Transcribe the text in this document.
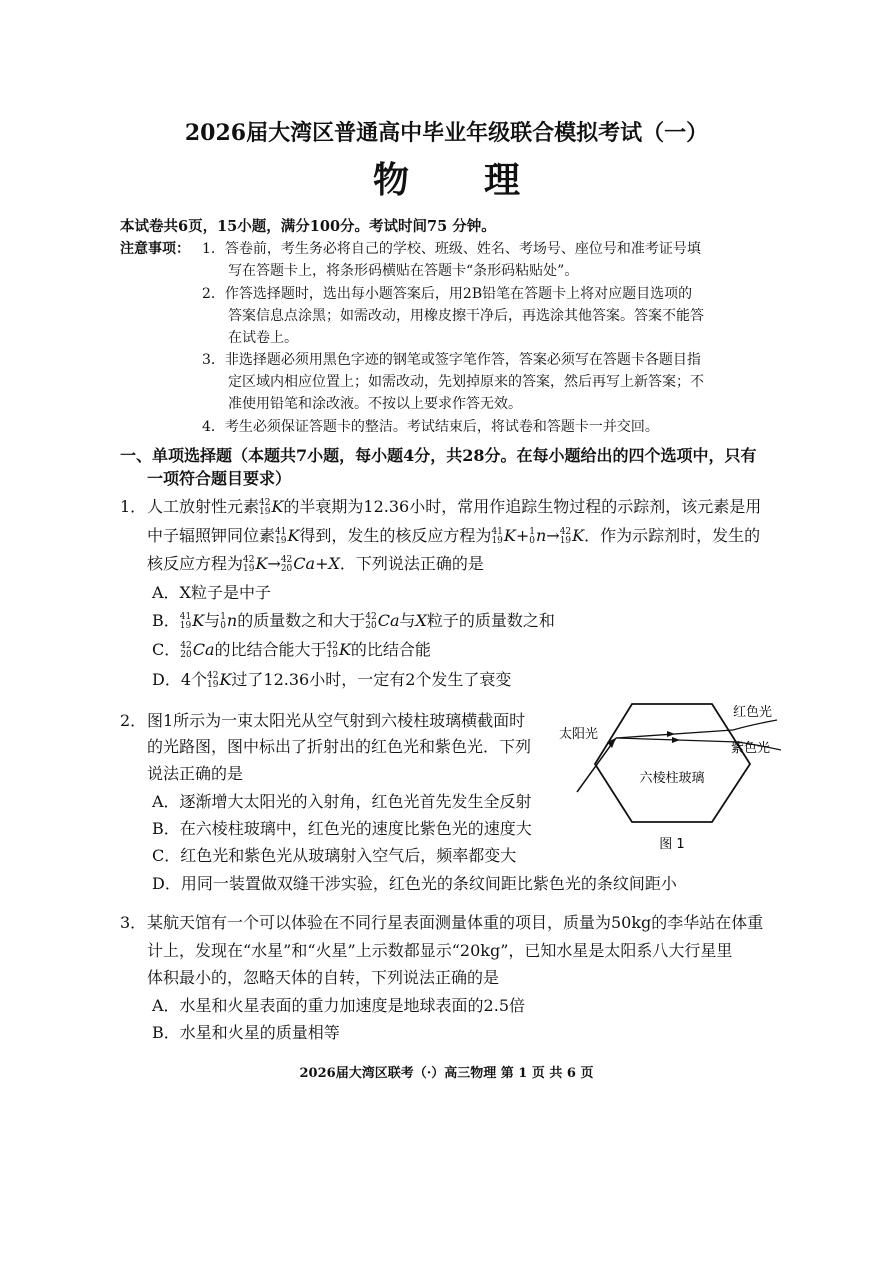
2026届大湾区普通高中毕业年级联合模拟考试（一）
物 理
本试卷共6页，15小题，满分100分。考试时间75 分钟。
注意事项： 1．答卷前，考生务必将自己的学校、班级、姓名、考场号、座位号和准考证号填
写在答题卡上，将条形码横贴在答题卡“条形码粘贴处”。
2．作答选择题时，选出每小题答案后，用2B铅笔在答题卡上将对应题目选项的
答案信息点涂黑；如需改动，用橡皮擦干净后，再选涂其他答案。答案不能答
在试卷上。
3．非选择题必须用黑色字迹的钢笔或签字笔作答，答案必须写在答题卡各题目指
定区域内相应位置上；如需改动，先划掉原来的答案，然后再写上新答案；不
准使用铅笔和涂改液。不按以上要求作答无效。
4．考生必须保证答题卡的整洁。考试结束后，将试卷和答题卡一并交回。
一、单项选择题（本题共7小题，每小题4分，共28分。在每小题给出的四个选项中，只有
一项符合题目要求）
1． 人工放射性元素 42
19 K的半衰期为12.36小时，常用作追踪生物过程的示踪剂，该元素是用
中子辐照钾同位素 41
19 K得到，发生的核反应方程为 41
19 K+ 1
0 n→ 42
19 K．作为示踪剂时，发生的
核反应方程为 42
19 K→ 42
20 Ca+X．下列说法正确的是
A．X粒子是中子
B． 41
19 K与 1
0 n的质量数之和大于 42
20 Ca与X粒子的质量数之和
C． 42
20 Ca的比结合能大于 42
19 K的比结合能
D．4个 42
19 K过了12.36小时，一定有2个发生了衰变
2． 图1所示为一束太阳光从空气射到六棱柱玻璃横截面时
的光路图，图中标出了折射出的红色光和紫色光．下列
说法正确的是
A．逐渐增大太阳光的入射角，红色光首先发生全反射
B．在六棱柱玻璃中，红色光的速度比紫色光的速度大
C．红色光和紫色光从玻璃射入空气后，频率都变大
D．用同一装置做双缝干涉实验，红色光的条纹间距比紫色光的条纹间距小
太阳光
红色光
紫色光
六棱柱玻璃
图 1
3． 某航天馆有一个可以体验在不同行星表面测量体重的项目，质量为50kg的李华站在体重
计上，发现在“水星”和“火星”上示数都显示“20kg”，已知水星是太阳系八大行星里
体积最小的，忽略天体的自转，下列说法正确的是
A．水星和火星表面的重力加速度是地球表面的2.5倍
B．水星和火星的质量相等
2026届大湾区联考（·）高三物理 第 1 页 共 6 页
